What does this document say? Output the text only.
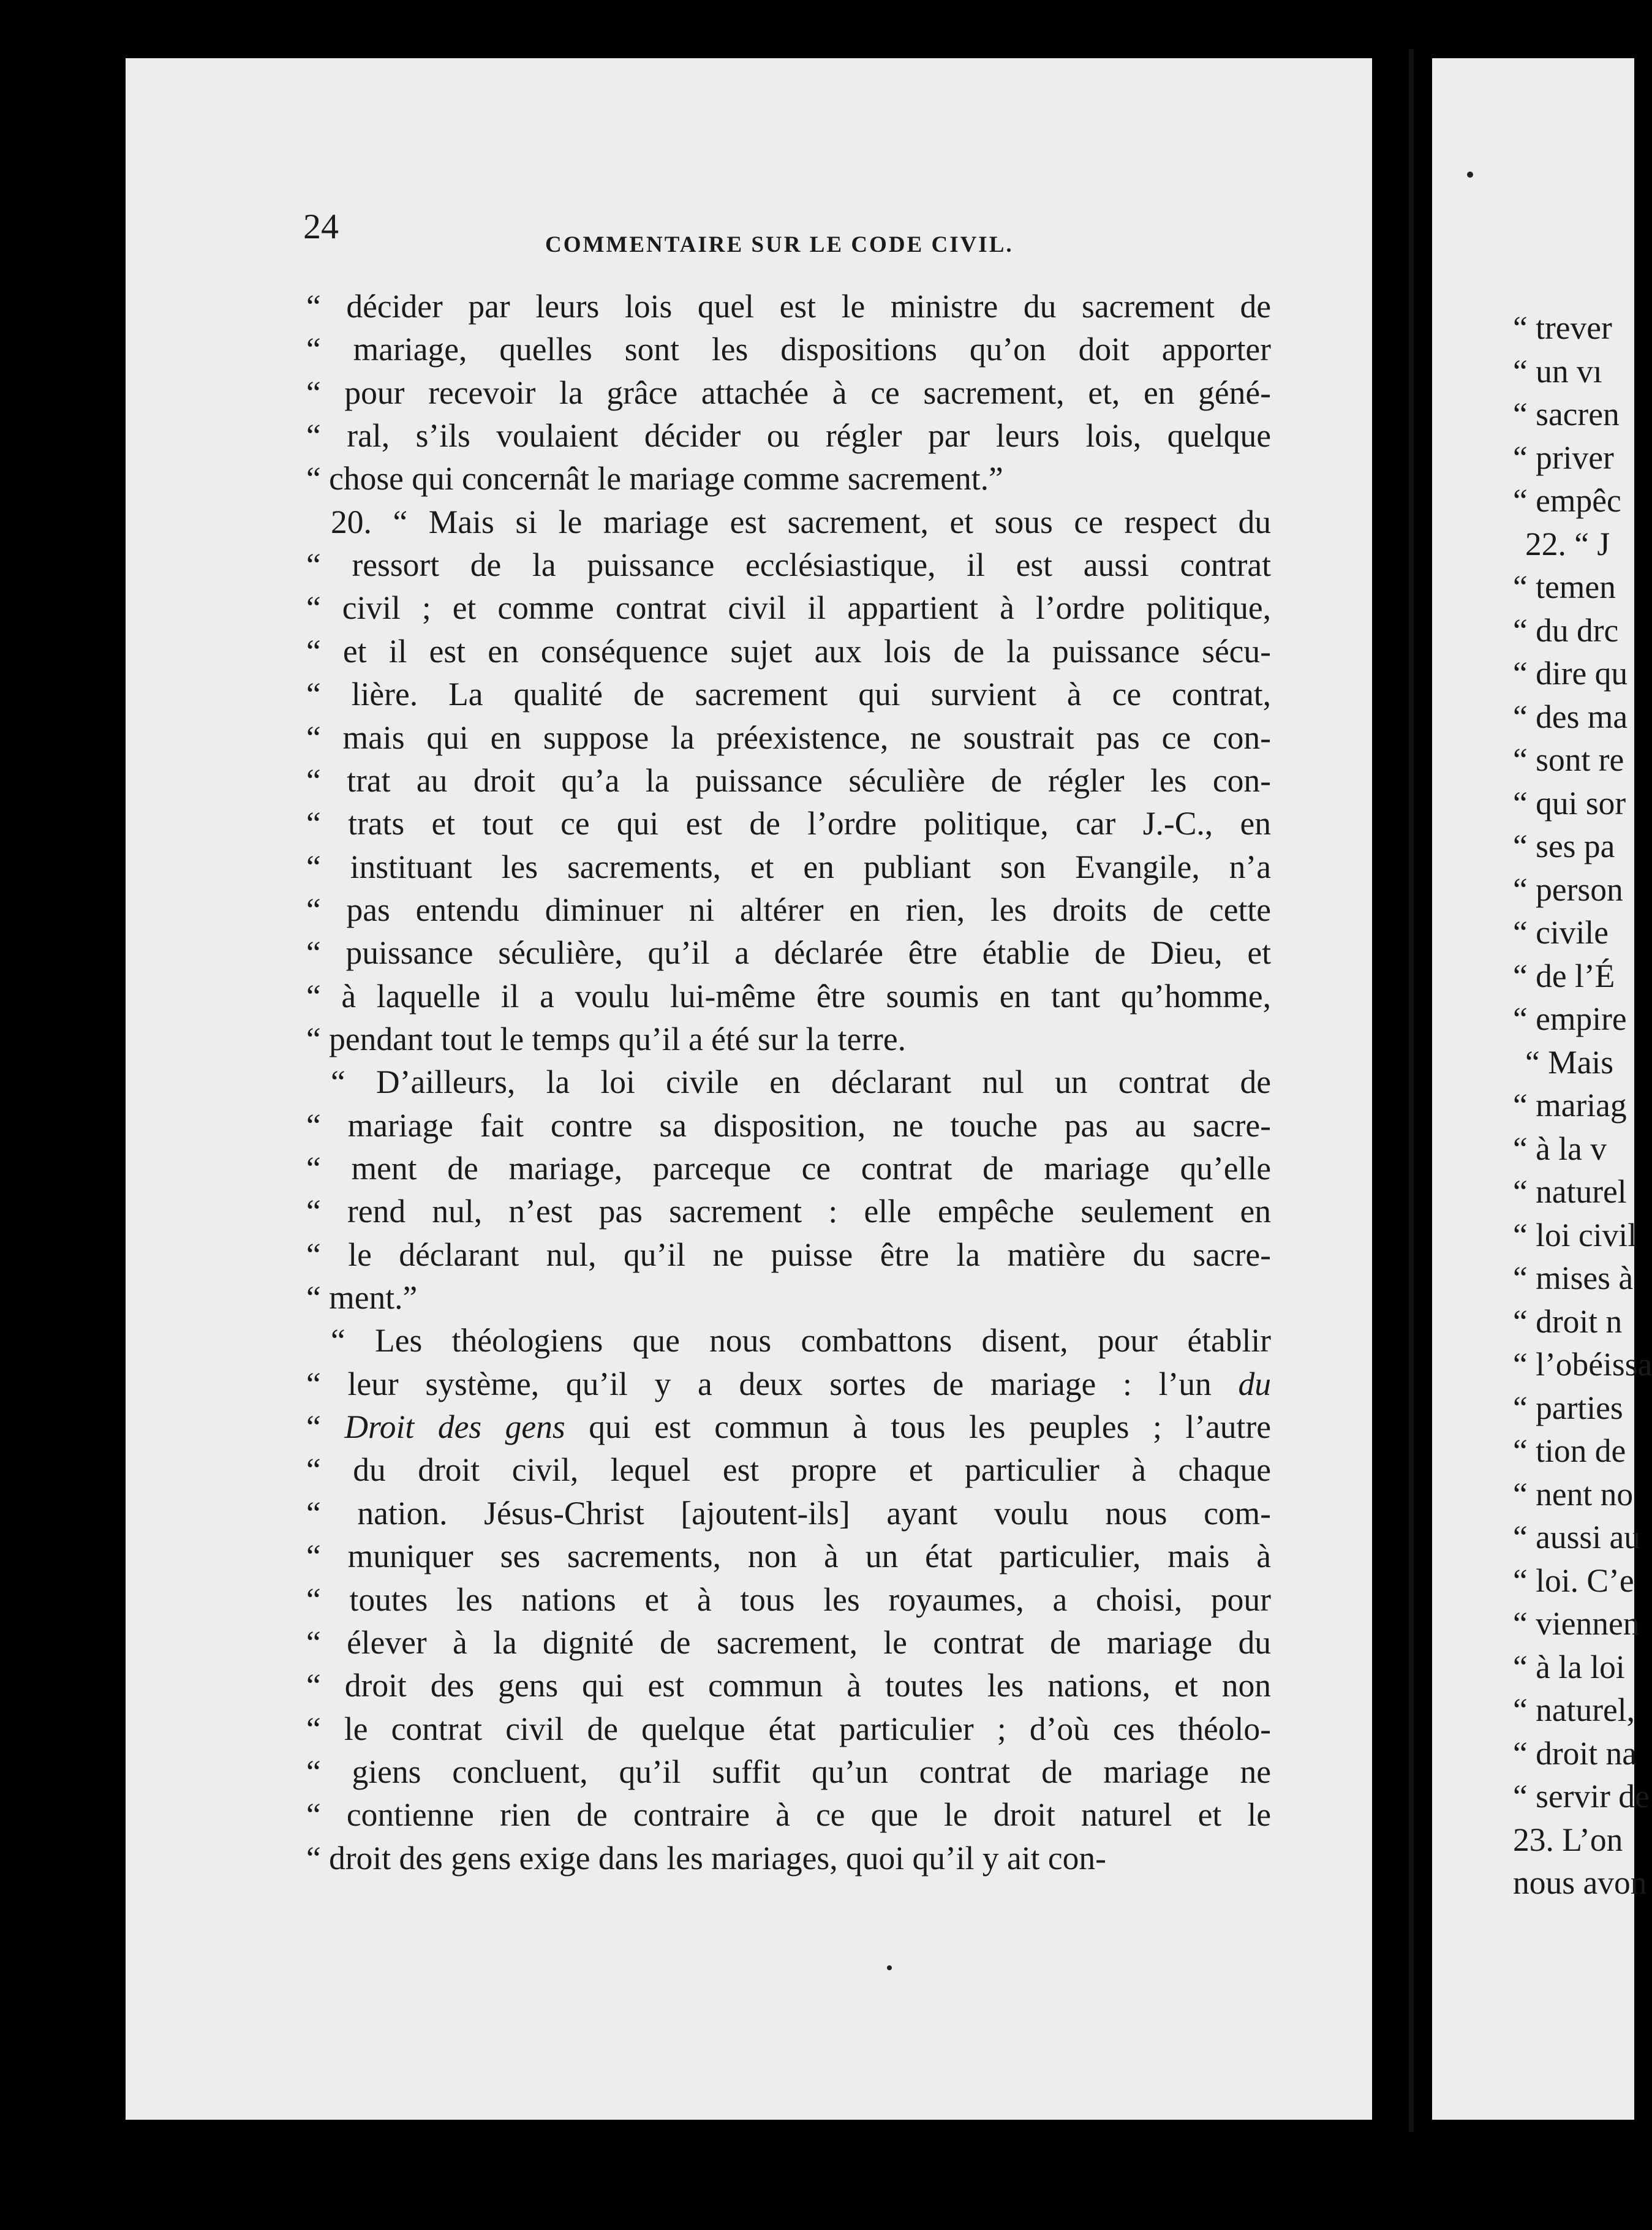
24	COMMENTAIRE SUR LE CODE CIVIL.
“ décider par leurs lois quel est le ministre du sacrement de
“ mariage, quelles sont les dispositions qu’on doit apporter
“ pour recevoir la grâce attachée à ce sacrement, et, en géné-
“ ral, s’ils voulaient décider ou régler par leurs lois, quelque
“ chose qui concernât le mariage comme sacrement.”
20. “ Mais si le mariage est sacrement, et sous ce respect du
“ ressort de la puissance ecclésiastique, il est aussi contrat
“ civil ; et comme contrat civil il appartient à l’ordre politique,
“ et il est en conséquence sujet aux lois de la puissance sécu-
“ lière. La qualité de sacrement qui survient à ce contrat,
“ mais qui en suppose la préexistence, ne soustrait pas ce con-
“ trat au droit qu’a la puissance séculière de régler les con-
“ trats et tout ce qui est de l’ordre politique, car J.-C., en
“ instituant les sacrements, et en publiant son Evangile, n’a
“ pas entendu diminuer ni altérer en rien, les droits de cette
“ puissance séculière, qu’il a déclarée être établie de Dieu, et
“ à laquelle il a voulu lui-même être soumis en tant qu’homme,
“ pendant tout le temps qu’il a été sur la terre.
“ D’ailleurs, la loi civile en déclarant nul un contrat de
“ mariage fait contre sa disposition, ne touche pas au sacre-
“ ment de mariage, parceque ce contrat de mariage qu’elle
“ rend nul, n’est pas sacrement : elle empêche seulement en
“ le déclarant nul, qu’il ne puisse être la matière du sacre-
“ ment.”
“ Les théologiens que nous combattons disent, pour établir
“ leur système, qu’il y a deux sortes de mariage : l’un du
“ Droit des gens qui est commun à tous les peuples ; l’autre
“ du droit civil, lequel est propre et particulier à chaque
“ nation. Jésus-Christ [ajoutent-ils] ayant voulu nous com-
“ muniquer ses sacrements, non à un état particulier, mais à
“ toutes les nations et à tous les royaumes, a choisi, pour
“ élever à la dignité de sacrement, le contrat de mariage du
“ droit des gens qui est commun à toutes les nations, et non
“ le contrat civil de quelque état particulier ; d’où ces théolo-
“ giens concluent, qu’il suffit qu’un contrat de mariage ne
“ contienne rien de contraire à ce que le droit naturel et le
“ droit des gens exige dans les mariages, quoi qu’il y ait con-
“ trever
“ un vı
“ sacren
“ priver
“ empêc
22. “ J
“ temen
“ du drc
“ dire qu
“ des ma
“ sont re
“ qui sor
“ ses pa
“ person
“ civile
“ de l’É
“ empire
“ Mais
“ mariag
“ à la v
“ naturel
“ loi civil
“ mises à
“ droit n
“ l’obéissa
“ parties
“ tion de
“ nent no
“ aussi au
“ loi. C’e
“ viennen
“ à la loi
“ naturel,
“ droit na
“ servir de
23. L’on
nous avon
